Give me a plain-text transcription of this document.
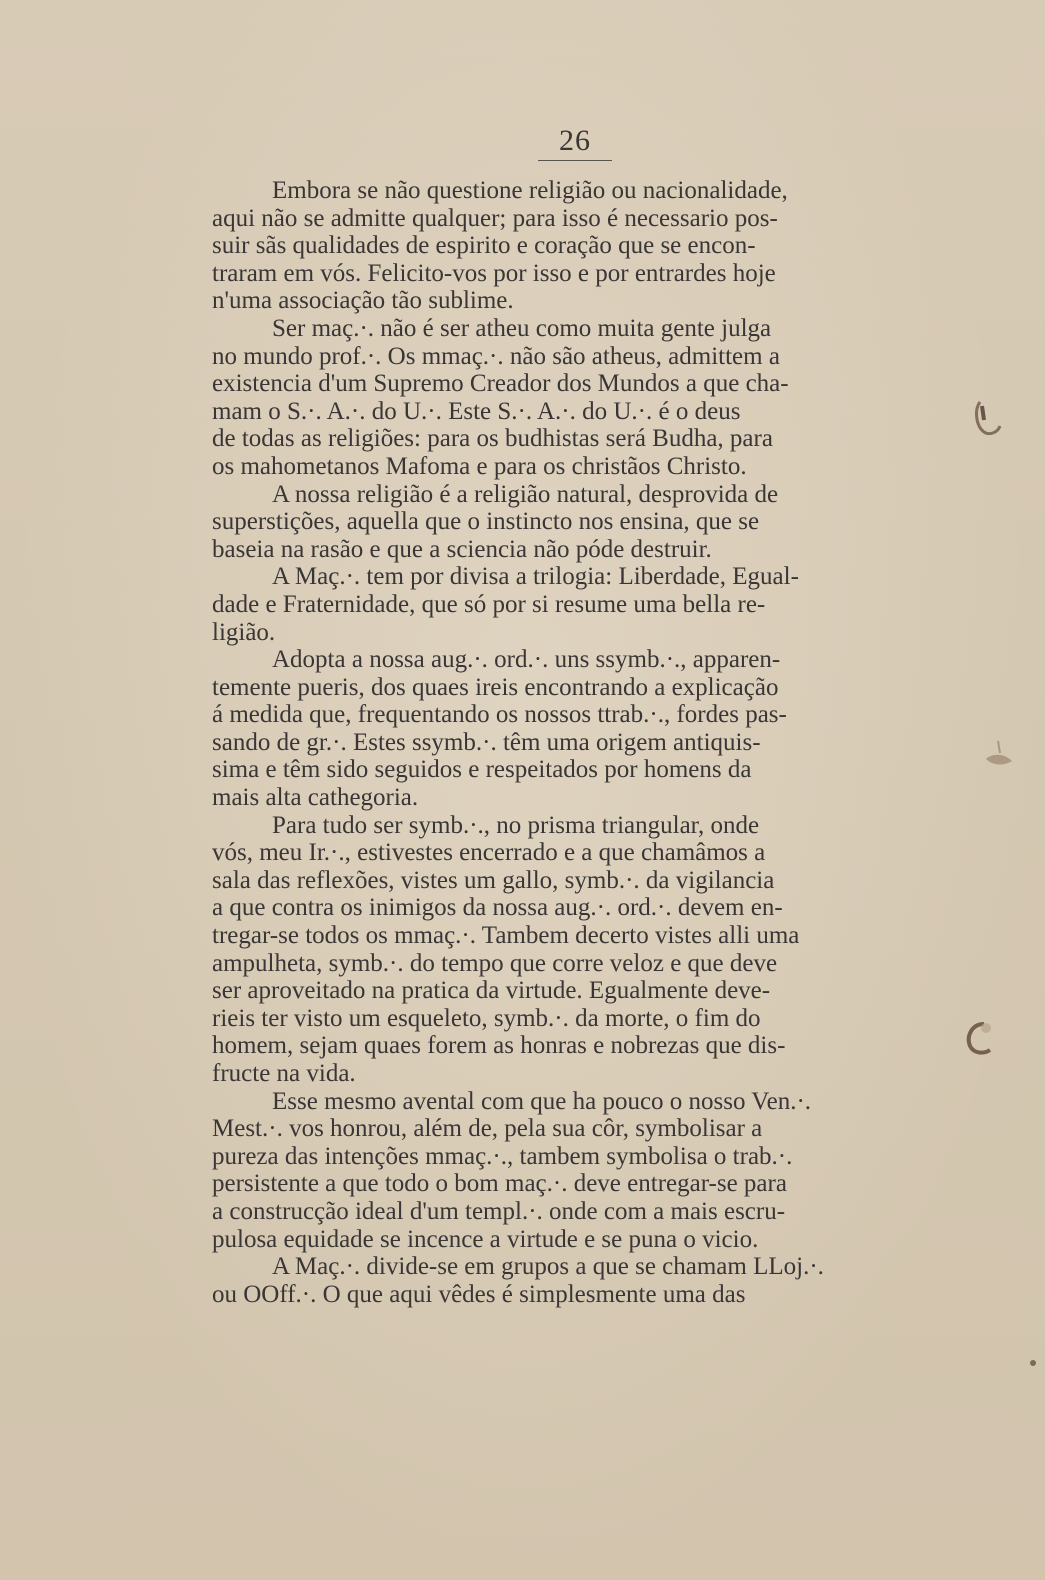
26
Embora se não questione religião ou nacionalidade,
aqui não se admitte qualquer; para isso é necessario pos-
suir sãs qualidades de espirito e coração que se encon-
traram em vós. Felicito-vos por isso e por entrardes hoje
n'uma associação tão sublime.
Ser maç.·. não é ser atheu como muita gente julga
no mundo prof.·. Os mmaç.·. não são atheus, admittem a
existencia d'um Supremo Creador dos Mundos a que cha-
mam o S.·. A.·. do U.·. Este S.·. A.·. do U.·. é o deus
de todas as religiões: para os budhistas será Budha, para
os mahometanos Mafoma e para os christãos Christo.
A nossa religião é a religião natural, desprovida de
superstições, aquella que o instincto nos ensina, que se
baseia na rasão e que a sciencia não póde destruir.
A Maç.·. tem por divisa a trilogia: Liberdade, Egual-
dade e Fraternidade, que só por si resume uma bella re-
ligião.
Adopta a nossa aug.·. ord.·. uns ssymb.·., apparen-
temente pueris, dos quaes ireis encontrando a explicação
á medida que, frequentando os nossos ttrab.·., fordes pas-
sando de gr.·. Estes ssymb.·. têm uma origem antiquis-
sima e têm sido seguidos e respeitados por homens da
mais alta cathegoria.
Para tudo ser symb.·., no prisma triangular, onde
vós, meu Ir.·., estivestes encerrado e a que chamâmos a
sala das reflexões, vistes um gallo, symb.·. da vigilancia
a que contra os inimigos da nossa aug.·. ord.·. devem en-
tregar-se todos os mmaç.·. Tambem decerto vistes alli uma
ampulheta, symb.·. do tempo que corre veloz e que deve
ser aproveitado na pratica da virtude. Egualmente deve-
rieis ter visto um esqueleto, symb.·. da morte, o fim do
homem, sejam quaes forem as honras e nobrezas que dis-
fructe na vida.
Esse mesmo avental com que ha pouco o nosso Ven.·.
Mest.·. vos honrou, além de, pela sua côr, symbolisar a
pureza das intenções mmaç.·., tambem symbolisa o trab.·.
persistente a que todo o bom maç.·. deve entregar-se para
a construcção ideal d'um templ.·. onde com a mais escru-
pulosa equidade se incence a virtude e se puna o vicio.
A Maç.·. divide-se em grupos a que se chamam LLoj.·.
ou OOff.·. O que aqui vêdes é simplesmente uma das
